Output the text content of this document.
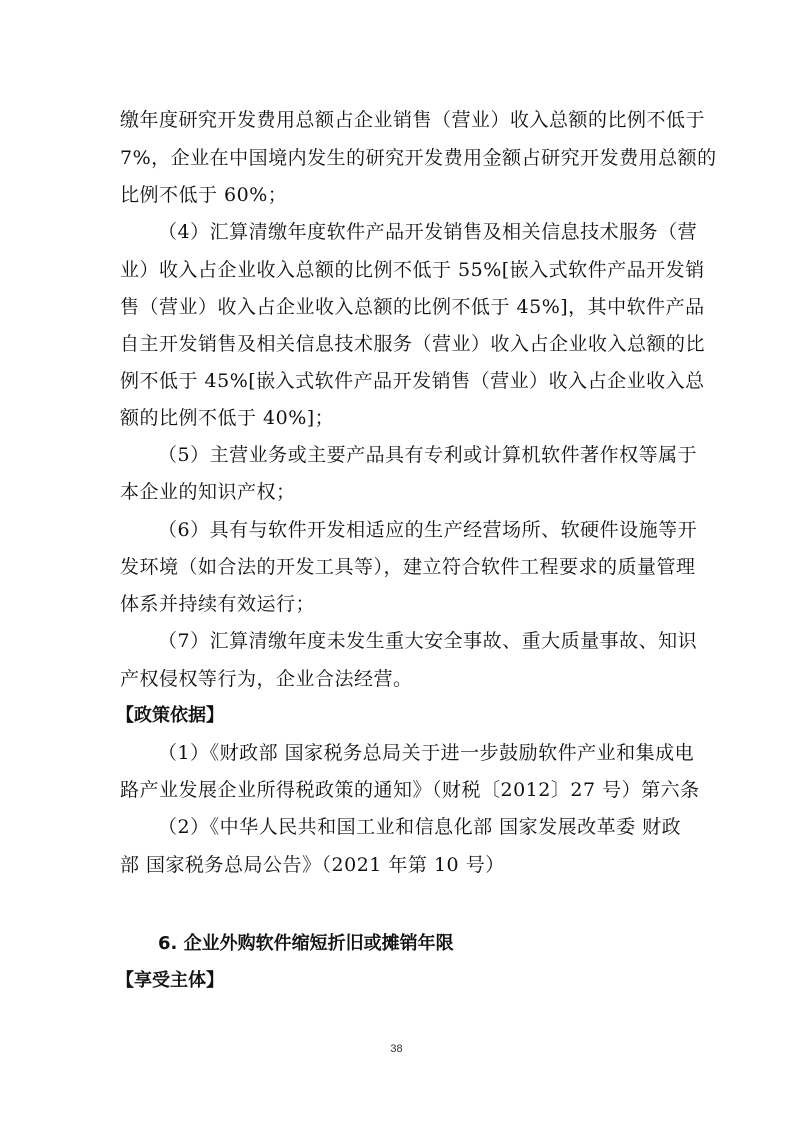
缴年度研究开发费用总额占企业销售（营业）收入总额的比例不低于
7%，企业在中国境内发生的研究开发费用金额占研究开发费用总额的
比例不低于 60%；
（4）汇算清缴年度软件产品开发销售及相关信息技术服务（营
业）收入占企业收入总额的比例不低于 55%[嵌入式软件产品开发销
售（营业）收入占企业收入总额的比例不低于 45%]，其中软件产品
自主开发销售及相关信息技术服务（营业）收入占企业收入总额的比
例不低于 45%[嵌入式软件产品开发销售（营业）收入占企业收入总
额的比例不低于 40%]；
（5）主营业务或主要产品具有专利或计算机软件著作权等属于
本企业的知识产权；
（6）具有与软件开发相适应的生产经营场所、软硬件设施等开
发环境（如合法的开发工具等），建立符合软件工程要求的质量管理
体系并持续有效运行；
（7）汇算清缴年度未发生重大安全事故、重大质量事故、知识
产权侵权等行为，企业合法经营。
【政策依据】
（1）《财政部 国家税务总局关于进一步鼓励软件产业和集成电
路产业发展企业所得税政策的通知》（财税〔2012〕27 号）第六条
（2）《中华人民共和国工业和信息化部 国家发展改革委 财政
部 国家税务总局公告》（2021 年第 10 号）
6. 企业外购软件缩短折旧或摊销年限
【享受主体】
38
